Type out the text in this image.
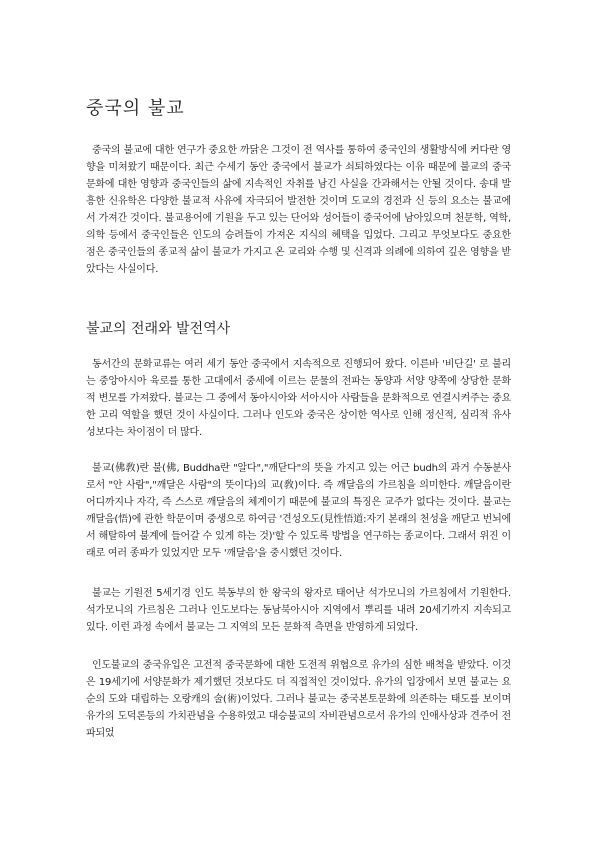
중국의 불교

중국의 불교에 대한 연구가 중요한 까닭은 그것이 전 역사를 통하여 중국인의 생활방식에 커다란 영향을 미쳐왔기 때문이다. 최근 수세기 동안 중국에서 불교가 쇠퇴하였다는 이유 때문에 불교의 중국문화에 대한 영향과 중국인들의 삶에 지속적인 자취를 남긴 사실을 간과해서는 안될 것이다. 송대 발흥한 신유학은 다양한 불교적 사유에 자극되어 발전한 것이며 도교의 경전과 신 등의 요소는 불교에서 가져간 것이다. 불교용어에 기원을 두고 있는 단어와 성어들이 중국어에 남아있으며 천문학, 역학, 의학 등에서 중국인들은 인도의 승려들이 가져온 지식의 혜택을 입었다. 그리고 무엇보다도 중요한 점은 중국인들의 종교적 삶이 불교가 가지고 온 교리와 수행 및 신격과 의례에 의하여 깊은 영향을 받았다는 사실이다.

불교의 전래와 발전역사

동서간의 문화교류는 여러 세기 동안 중국에서 지속적으로 진행되어 왔다. 이른바 '비단길' 로 불리는 중앙아시아 육로를 통한 고대에서 중세에 이르는 문물의 전파는 동양과 서양 양쪽에 상당한 문화적 변모를 가져왔다. 불교는 그 중에서 동아시아와 서아시아 사람들을 문화적으로 연결시켜주는 중요한 고리 역할을 했던 것이 사실이다. 그러나 인도와 중국은 상이한 역사로 인해 정신적, 심리적 유사성보다는 차이점이 더 많다.

불교(佛敎)란 불(佛, Buddha란 "알다","깨닫다"의 뜻을 가지고 있는 어근 budh의 과거 수동분사로서 "안 사람","깨달은 사람"의 뜻이다)의 교(敎)이다. 즉 깨달음의 가르침을 의미한다. 깨달음이란 어디까지나 자각, 즉 스스로 깨달음의 체계이기 때문에 불교의 특징은 교주가 없다는 것이다. 불교는 깨달음(悟)에 관한 학문이며 중생으로 하여금 '견성오도(見性悟道:자기 본래의 천성을 깨닫고 번뇌에서 해탈하여 불계에 들어갈 수 있게 하는 것)'할 수 있도록 방법을 연구하는 종교이다. 그래서 위진 이래로 여러 종파가 있었지만 모두 '깨달음'을 중시했던 것이다.

불교는 기원전 5세기경 인도 북동부의 한 왕국의 왕자로 태어난 석가모니의 가르침에서 기원한다. 석가모니의 가르침은 그러나 인도보다는 동남북아시아 지역에서 뿌리를 내려 20세기까지 지속되고 있다. 이런 과정 속에서 불교는 그 지역의 모든 문화적 측면을 반영하게 되었다.

인도불교의 중국유입은 고전적 중국문화에 대한 도전적 위협으로 유가의 심한 배척을 받았다. 이것은 19세기에 서양문화가 제기했던 것보다도 더 직접적인 것이었다. 유가의 입장에서 보면 불교는 요순의 도와 대립하는 오랑캐의 술(術)이었다. 그러나 불교는 중국본토문화에 의존하는 태도를 보이며 유가의 도덕론등의 가치관념을 수용하였고 대승불교의 자비관념으로서 유가의 인애사상과 견주어 전파되었
